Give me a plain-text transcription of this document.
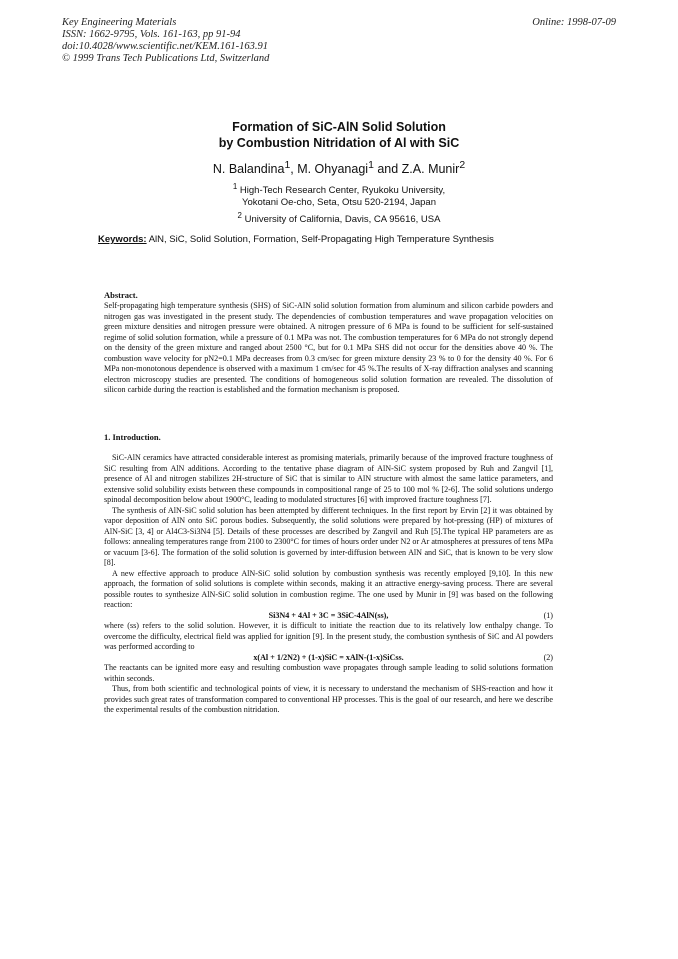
Key Engineering Materials
ISSN: 1662-9795, Vols. 161-163, pp 91-94
doi:10.4028/www.scientific.net/KEM.161-163.91
© 1999 Trans Tech Publications Ltd, Switzerland
Online: 1998-07-09
Formation of SiC-AlN Solid Solution
by Combustion Nitridation of Al with SiC
N. Balandina$^1$, M. Ohyanagi$^1$ and Z.A. Munir$^2$
$^1$ High-Tech Research Center, Ryukoku University,
Yokotani Oe-cho, Seta, Otsu 520-2194, Japan
$^2$ University of California, Davis, CA 95616, USA
Keywords: AlN, SiC, Solid Solution, Formation, Self-Propagating High Temperature Synthesis
Abstract.

Self-propagating high temperature synthesis (SHS) of SiC-AlN solid solution formation from aluminum and silicon carbide powders and nitrogen gas was investigated in the present study. The dependencies of combustion temperatures and wave propagation velocities on green mixture densities and nitrogen pressure were obtained. A nitrogen pressure of 6 MPa is found to be sufficient for self-sustained regime of solid solution formation, while a pressure of 0.1 MPa was not. The combustion temperatures for 6 MPa do not strongly depend on the density of the green mixture and ranged about 2500 °C, but for 0.1 MPa SHS did not occur for the densities above 40 %. The combustion wave velocity for pN2=0.1 MPa decreases from 0.3 cm/sec for green mixture density 23 % to 0 for the density 40 %. For 6 MPa non-monotonous dependence is observed with a maximum 1 cm/sec for 45 %.The results of X-ray diffraction analyses and scanning electron microscopy studies are presented. The conditions of homogeneous solid solution formation are revealed. The dissolution of silicon carbide during the reaction is established and the formation mechanism is proposed.

1. Introduction.

SiC-AlN ceramics have attracted considerable interest as promising materials, primarily because of the improved fracture toughness of SiC resulting from AlN additions. According to the tentative phase diagram of AlN-SiC system proposed by Ruh and Zangvil [1], presence of Al and nitrogen stabilizes 2H-structure of SiC that is similar to AlN structure with almost the same lattice parameters, and extensive solid solubility exists between these compounds in compositional range of 25 to 100 mol % [2-6]. The solid solutions undergo spinodal decomposition below about 1900°C, leading to modulated structures [6] with improved fracture toughness [7].

The synthesis of AlN-SiC solid solution has been attempted by different techniques. In the first report by Ervin [2] it was obtained by vapor deposition of AlN onto SiC porous bodies. Subsequently, the solid solutions were prepared by hot-pressing (HP) of mixtures of AlN-SiC [3, 4] or Al4C3-Si3N4 [5]. Details of these processes are described by Zangvil and Ruh [5].The typical HP parameters are as follows: annealing temperatures range from 2100 to 2300°C for times of hours order under N2 or Ar atmospheres at pressures of tens MPa or vacuum [3-6]. The formation of the solid solution is governed by inter-diffusion between AlN and SiC, that is known to be very slow [8].

A new effective approach to produce AlN-SiC solid solution by combustion synthesis was recently employed [9,10]. In this new approach, the formation of solid solutions is complete within seconds, making it an attractive energy-saving process. There are several possible routes to synthesize AlN-SiC solid solution in combustion regime. The one used by Munir in [9] was based on the following reaction:

Si3N4 + 4Al + 3C = 3SiC-4AlN(ss),	(1)

where (ss) refers to the solid solution. However, it is difficult to initiate the reaction due to its relatively low enthalpy change. To overcome the difficulty, electrical field was applied for ignition [9]. In the present study, the combustion synthesis of SiC and Al powders was performed according to

x(Al + 1/2N2) + (1-x)SiC = xAlN-(1-x)SiCss.	(2)

The reactants can be ignited more easy and resulting combustion wave propagates through sample leading to solid solutions formation within seconds.

Thus, from both scientific and technological points of view, it is necessary to understand the mechanism of SHS-reaction and how it provides such great rates of transformation compared to conventional HP processes. This is the goal of our research, and here we describe the experimental results of the combustion nitridation.
